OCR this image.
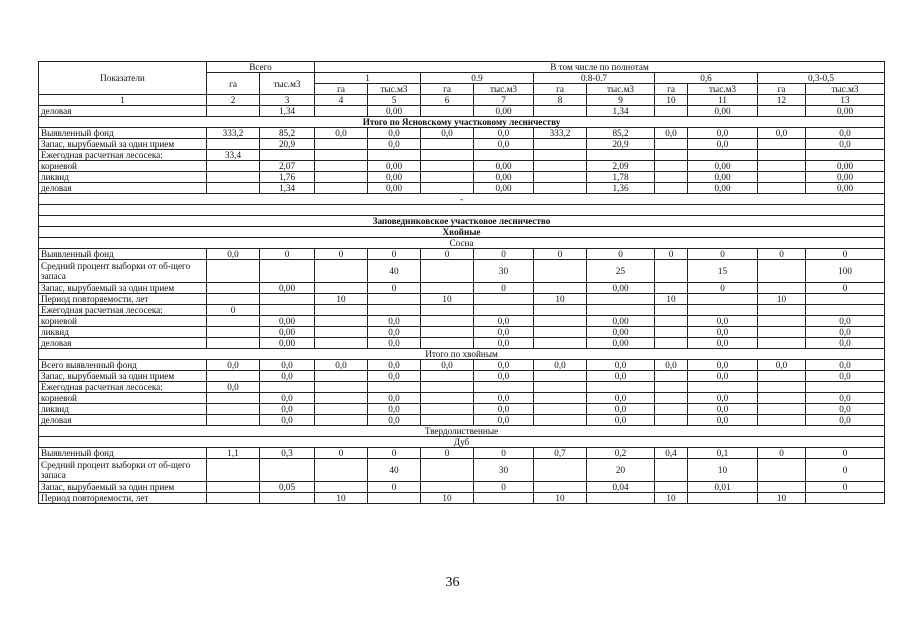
Показатели	Всего		В том числе по полнотам									
	га	тыс.м3	1		0.9		0.8-0.7		0,6		0,3-0,5	
			га	тыс.м3	га	тыс.м3	га	тыс.м3	га	тыс.м3	га	тыс.м3
1	2	3	4	5	6	7	8	9	10	11	12	13
деловая		1,34		0,00		0,00		1,34		0,00		0,00
Итого по Ясновскому участковому лесничеству												
Выявленный фонд	333,2	85,2	0,0	0,0	0,0	0,0	333,2	85,2	0,0	0,0	0,0	0,0
Запас, вырубаемый за один прием		20,9		0,0		0,0		20,9		0,0		0,0
Ежегодная расчетная лесосека:	33,4											
корневой		2,07		0,00		0,00		2,09		0,00		0,00
ликвид		1,76		0,00		0,00		1,78		0,00		0,00
деловая		1,34		0,00		0,00		1,36		0,00		0,00
-												

Заповедниковское участковое лесничество												
Хвойные												
Сосна												
Выявленный фонд	0,0	0	0	0	0	0	0	0	0	0	0	0
Средний процент выборки от об-щего запаса				40		30		25		15		100
Запас, вырубаемый за один прием		0,00		0		0		0,00		0		0
Период повторяемости, лет			10		10		10		10		10	
Ежегодная расчетная лесосека:	0											
корневой		0,00		0,0		0,0		0,00		0,0		0,0
ликвид		0,00		0,0		0,0		0,00		0,0		0,0
деловая		0,00		0,0		0,0		0,00		0,0		0,0
Итого по хвойным												
Всего выявленный фонд	0,0	0,0	0,0	0,0	0,0	0,0	0,0	0,0	0,0	0,0	0,0	0,0
Запас, вырубаемый за один прием		0,0		0,0		0,0		0,0		0,0		0,0
Ежегодная расчетная лесосека:	0,0											
корневой		0,0		0,0		0,0		0,0		0,0		0,0
ликвид		0,0		0,0		0,0		0,0		0,0		0,0
деловая		0,0		0,0		0,0		0,0		0,0		0,0
Твердолиственные												
Дуб												
Выявленный фонд	1,1	0,3	0	0	0	0	0,7	0,2	0,4	0,1	0	0
Средний процент выборки от об-щего запаса				40		30		20		10		0
Запас, вырубаемый за один прием		0,05		0		0		0,04		0,01		0
Период повторяемости, лет			10		10		10		10		10	
36
